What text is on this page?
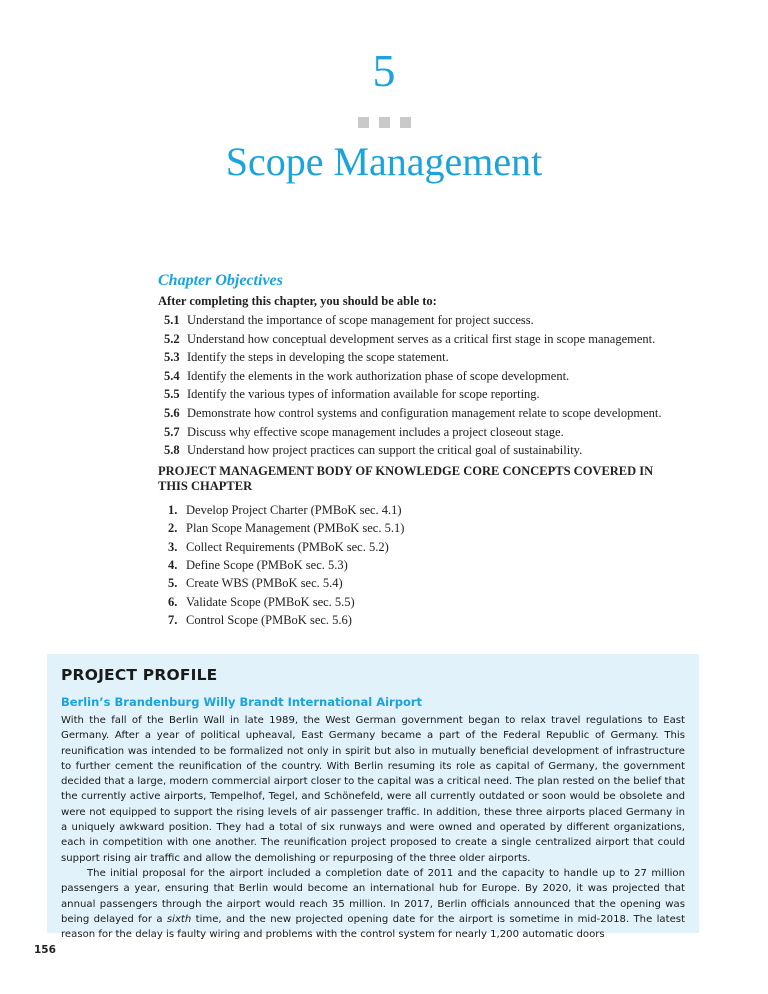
5
Scope Management
Chapter Objectives
After completing this chapter, you should be able to:
5.1 Understand the importance of scope management for project success.
5.2 Understand how conceptual development serves as a critical first stage in scope management.
5.3 Identify the steps in developing the scope statement.
5.4 Identify the elements in the work authorization phase of scope development.
5.5 Identify the various types of information available for scope reporting.
5.6 Demonstrate how control systems and configuration management relate to scope development.
5.7 Discuss why effective scope management includes a project closeout stage.
5.8 Understand how project practices can support the critical goal of sustainability.
PROJECT MANAGEMENT BODY OF KNOWLEDGE CORE CONCEPTS COVERED IN THIS CHAPTER
1. Develop Project Charter (PMBoK sec. 4.1)
2. Plan Scope Management (PMBoK sec. 5.1)
3. Collect Requirements (PMBoK sec. 5.2)
4. Define Scope (PMBoK sec. 5.3)
5. Create WBS (PMBoK sec. 5.4)
6. Validate Scope (PMBoK sec. 5.5)
7. Control Scope (PMBoK sec. 5.6)
PROJECT PROFILE
Berlin’s Brandenburg Willy Brandt International Airport

With the fall of the Berlin Wall in late 1989, the West German government began to relax travel regulations to East Germany. After a year of political upheaval, East Germany became a part of the Federal Republic of Germany. This reunification was intended to be formalized not only in spirit but also in mutually beneficial development of infrastructure to further cement the reunification of the country. With Berlin resuming its role as capital of Germany, the government decided that a large, modern commercial airport closer to the capital was a critical need. The plan rested on the belief that the currently active airports, Tempelhof, Tegel, and Schönefeld, were all currently outdated or soon would be obsolete and were not equipped to support the rising levels of air passenger traffic. In addition, these three airports placed Germany in a uniquely awkward position. They had a total of six runways and were owned and operated by different organizations, each in competition with one another. The reunification project proposed to create a single centralized airport that could support rising air traffic and allow the demolishing or repurposing of the three older airports.

The initial proposal for the airport included a completion date of 2011 and the capacity to handle up to 27 million passengers a year, ensuring that Berlin would become an international hub for Europe. By 2020, it was projected that annual passengers through the airport would reach 35 million. In 2017, Berlin officials announced that the opening was being delayed for a sixth time, and the new projected opening date for the airport is sometime in mid-2018. The latest reason for the delay is faulty wiring and problems with the control system for nearly 1,200 automatic doors

156
